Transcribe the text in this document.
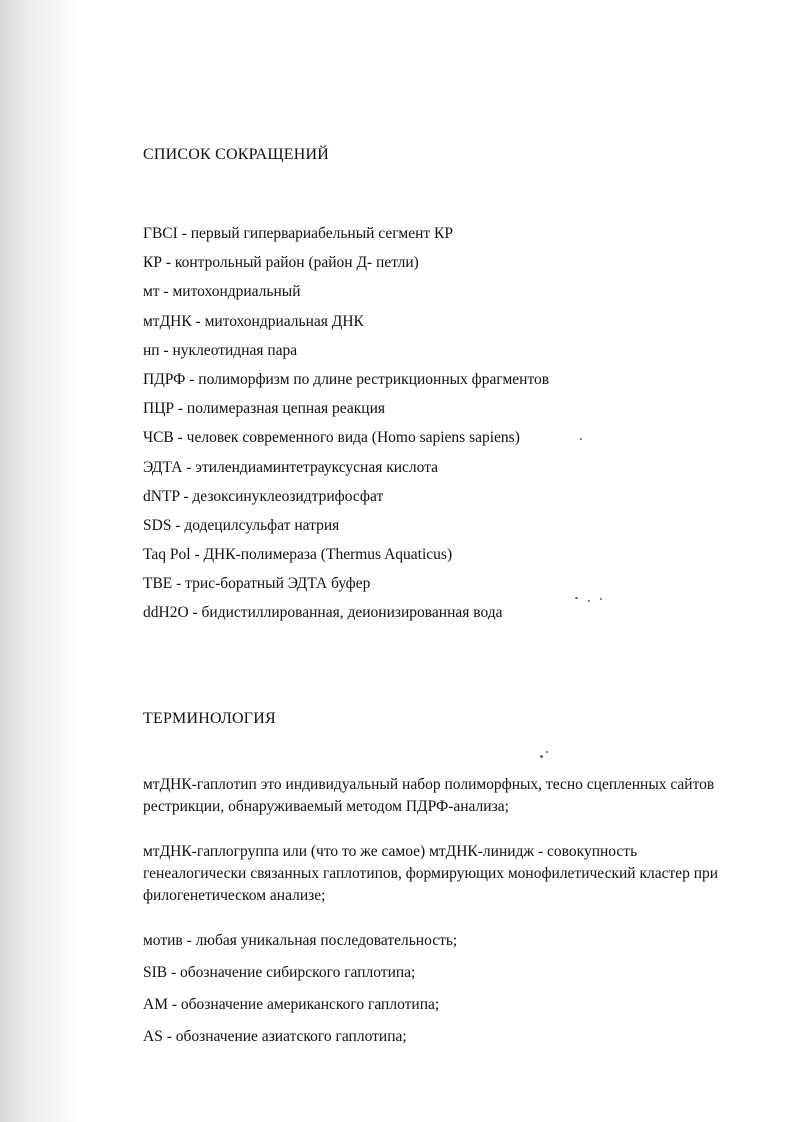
СПИСОК СОКРАЩЕНИЙ
ГВСI - первый гипервариабельный сегмент КР
КР - контрольный район (район Д- петли)
мт - митохондриальный
мтДНК - митохондриальная ДНК
нп - нуклеотидная пара
ПДРФ - полиморфизм по длине рестрикционных фрагментов
ПЦР - полимеразная цепная реакция
ЧСВ - человек современного вида (Homo sapiens sapiens)
ЭДТА - этилендиаминтетрауксусная кислота
dNTP - дезоксинуклеозидтрифосфат
SDS - додецилсульфат натрия
Taq Pol - ДНК-полимераза (Thermus Aquaticus)
TBE - трис-боратный ЭДТА буфер
ddH2O - бидистиллированная, деионизированная вода
ТЕРМИНОЛОГИЯ
мтДНК-гаплотип это индивидуальный набор полиморфных, тесно сцепленных сайтов рестрикции, обнаруживаемый методом ПДРФ-анализа;
мтДНК-гаплогруппа или (что то же самое) мтДНК-линидж - совокупность генеалогически связанных гаплотипов, формирующих монофилетический кластер при филогенетическом анализе;
мотив - любая уникальная последовательность;
SIB - обозначение сибирского гаплотипа;
AM - обозначение американского гаплотипа;
AS - обозначение азиатского гаплотипа;
